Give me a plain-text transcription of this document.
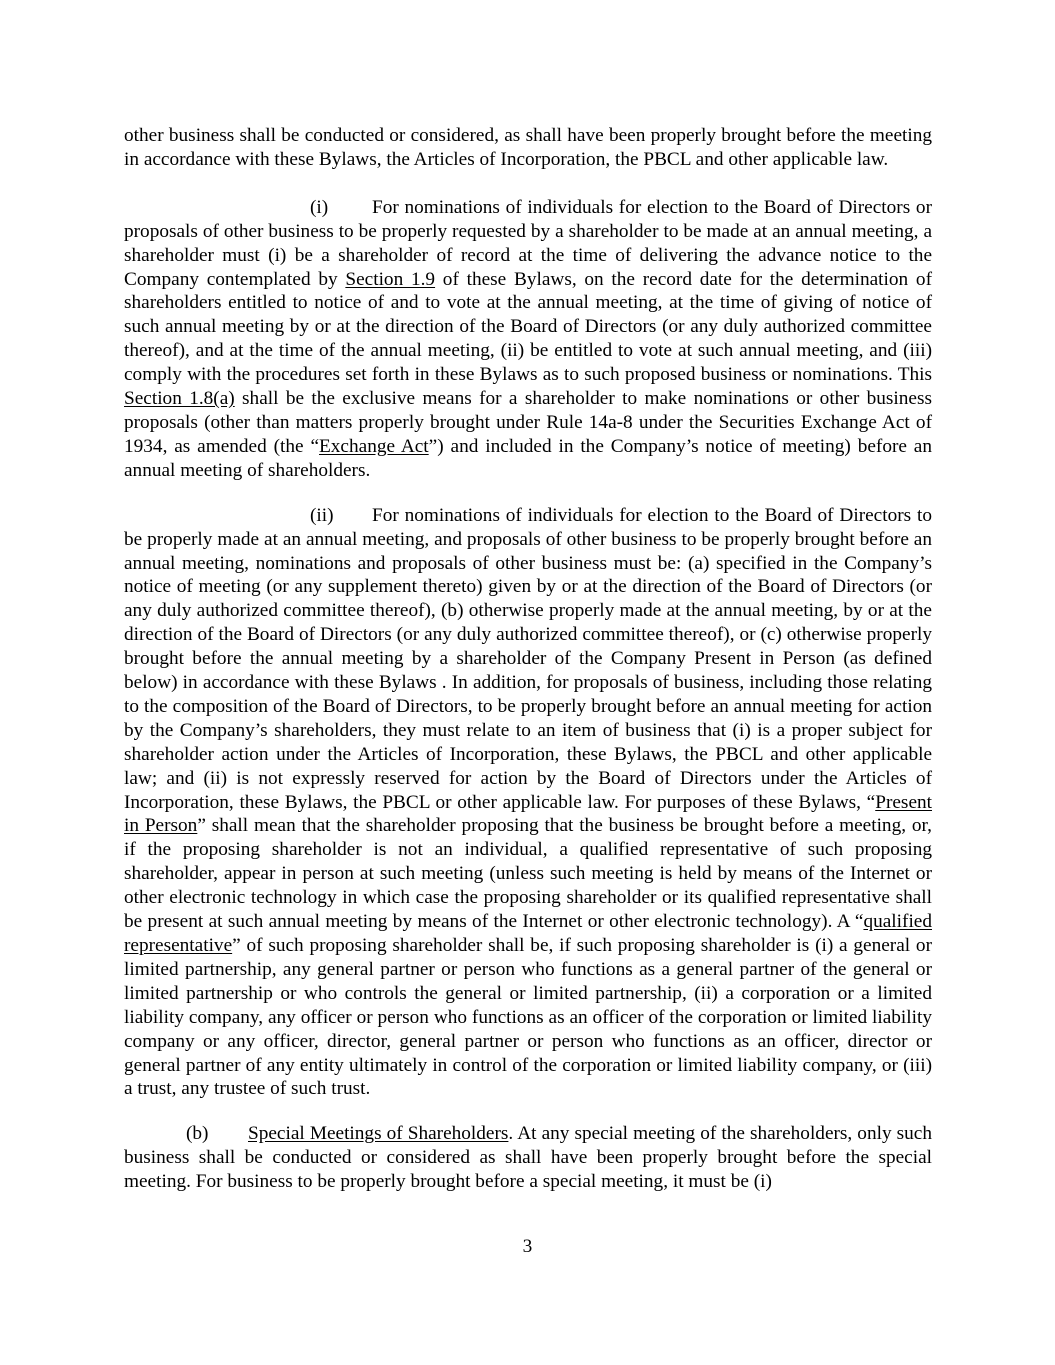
other business shall be conducted or considered, as shall have been properly brought before the meeting in accordance with these Bylaws, the Articles of Incorporation, the PBCL and other applicable law.

(i) For nominations of individuals for election to the Board of Directors or proposals of other business to be properly requested by a shareholder to be made at an annual meeting, a shareholder must (i) be a shareholder of record at the time of delivering the advance notice to the Company contemplated by Section 1.9 of these Bylaws, on the record date for the determination of shareholders entitled to notice of and to vote at the annual meeting, at the time of giving of notice of such annual meeting by or at the direction of the Board of Directors (or any duly authorized committee thereof), and at the time of the annual meeting, (ii) be entitled to vote at such annual meeting, and (iii) comply with the procedures set forth in these Bylaws as to such proposed business or nominations. This Section 1.8(a) shall be the exclusive means for a shareholder to make nominations or other business proposals (other than matters properly brought under Rule 14a-8 under the Securities Exchange Act of 1934, as amended (the “Exchange Act”) and included in the Company’s notice of meeting) before an annual meeting of shareholders.

(ii) For nominations of individuals for election to the Board of Directors to be properly made at an annual meeting, and proposals of other business to be properly brought before an annual meeting, nominations and proposals of other business must be: (a) specified in the Company’s notice of meeting (or any supplement thereto) given by or at the direction of the Board of Directors (or any duly authorized committee thereof), (b) otherwise properly made at the annual meeting, by or at the direction of the Board of Directors (or any duly authorized committee thereof), or (c) otherwise properly brought before the annual meeting by a shareholder of the Company Present in Person (as defined below) in accordance with these Bylaws . In addition, for proposals of business, including those relating to the composition of the Board of Directors, to be properly brought before an annual meeting for action by the Company’s shareholders, they must relate to an item of business that (i) is a proper subject for shareholder action under the Articles of Incorporation, these Bylaws, the PBCL and other applicable law; and (ii) is not expressly reserved for action by the Board of Directors under the Articles of Incorporation, these Bylaws, the PBCL or other applicable law. For purposes of these Bylaws, “Present in Person” shall mean that the shareholder proposing that the business be brought before a meeting, or, if the proposing shareholder is not an individual, a qualified representative of such proposing shareholder, appear in person at such meeting (unless such meeting is held by means of the Internet or other electronic technology in which case the proposing shareholder or its qualified representative shall be present at such annual meeting by means of the Internet or other electronic technology). A “qualified representative” of such proposing shareholder shall be, if such proposing shareholder is (i) a general or limited partnership, any general partner or person who functions as a general partner of the general or limited partnership or who controls the general or limited partnership, (ii) a corporation or a limited liability company, any officer or person who functions as an officer of the corporation or limited liability company or any officer, director, general partner or person who functions as an officer, director or general partner of any entity ultimately in control of the corporation or limited liability company, or (iii) a trust, any trustee of such trust.

(b) Special Meetings of Shareholders. At any special meeting of the shareholders, only such business shall be conducted or considered as shall have been properly brought before the special meeting. For business to be properly brought before a special meeting, it must be (i)

3
